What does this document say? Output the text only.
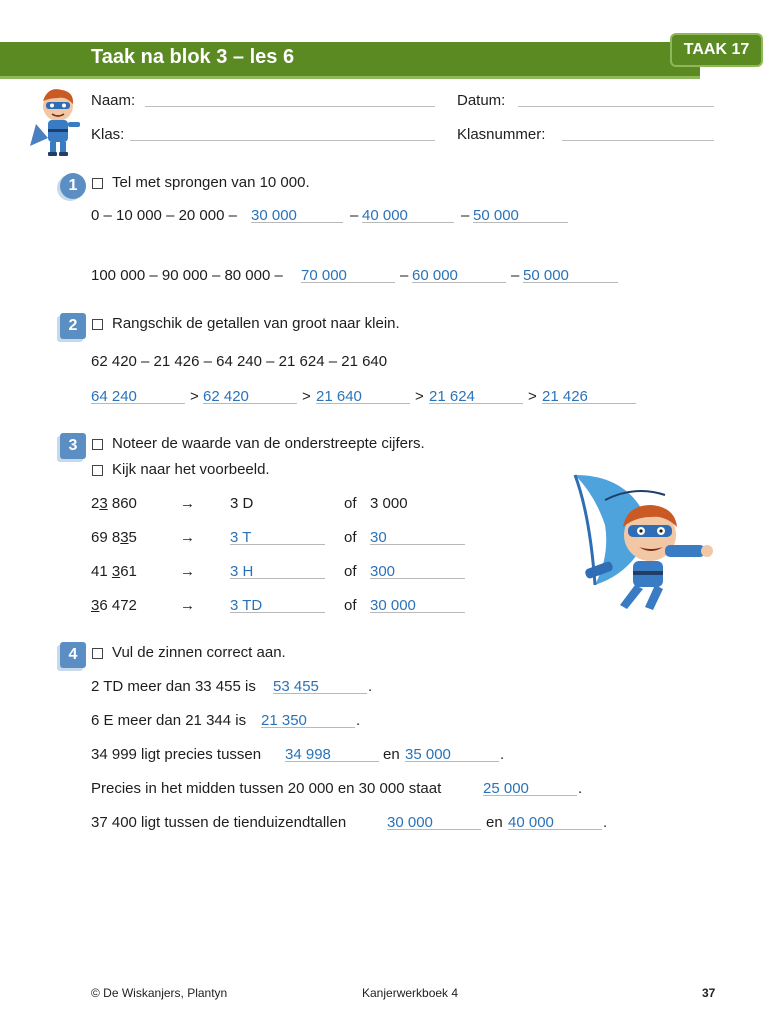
Taak na blok 3 – les 6	TAAK 17
Naam:	Datum:
Klas:	Klasnummer:
1	Tel met sprongen van 10 000.
0 – 10 000 – 20 000 – 30 000	– 40 000	– 50 000
100 000 – 90 000 – 80 000 – 70 000	– 60 000	– 50 000
2	Rangschik de getallen van groot naar klein.
62 420 – 21 426 – 64 240 – 21 624 – 21 640
64 240	> 62 420	> 21 640	> 21 624	> 21 426
3	Noteer de waarde van de onderstreepte cijfers.
Kijk naar het voorbeeld.
23 860	→ 3 D	of 3 000
69 835	→ 3 T	of 30
41 361	→ 3 H	of 300
36 472	→ 3 TD	of 30 000
4	Vul de zinnen correct aan.
2 TD meer dan 33 455 is 53 455	.
6 E meer dan 21 344 is 21 350	.
34 999 ligt precies tussen 34 998	en 35 000	.
Precies in het midden tussen 20 000 en 30 000 staat	25 000	.
37 400 ligt tussen de tienduizendtallen	30 000	en 40 000	.
© De Wiskanjers, Plantyn	Kanjerwerkboek 4	37
